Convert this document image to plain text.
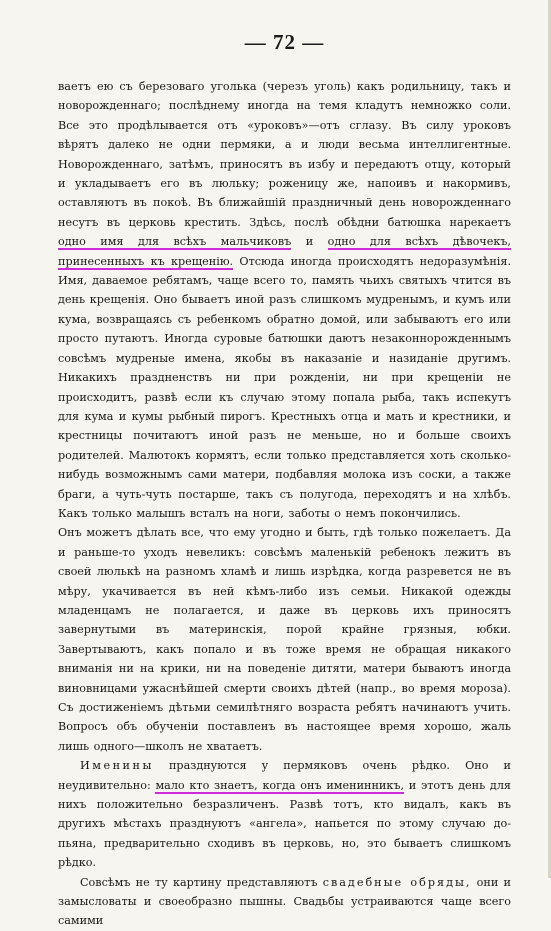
— 72 —

ваетъ ею съ березоваго уголька (черезъ уголь) какъ родильницу, такъ и новорожденнаго; послѣднему иногда на темя кладутъ немножко соли. Все это продѣлывается отъ «уроковъ»—отъ сглазу. Въ силу уроковъ вѣрятъ далеко не одни пермяки, а и люди весьма интеллигентные. Новорожденнаго, затѣмъ, приносятъ въ избу и передаютъ отцу, который и укладываетъ его въ люльку; роженицу же, напоивъ и накормивъ, оставляютъ въ покоѣ. Въ ближайшій праздничный день новорожденнаго несутъ въ церковь крестить. Здѣсь, послѣ обѣдни батюшка нарекаетъ одно имя для всѣхъ мальчиковъ и одно для всѣхъ дѣвочекъ, принесенныхъ къ крещенію. Отсюда иногда происходятъ недоразумѣнія. Имя, даваемое ребятамъ, чаще всего то, память чьихъ святыхъ чтится въ день крещенія. Оно бываетъ иной разъ слишкомъ мудренымъ, и кумъ или кума, возвращаясь съ ребенкомъ обратно домой, или забываютъ его или просто путаютъ. Иногда суровые батюшки даютъ незаконнорожденнымъ совсѣмъ мудреные имена, якобы въ наказаніе и назиданіе другимъ. Никакихъ праздненствъ ни при рожденіи, ни при крещеніи не происходитъ, развѣ если къ случаю этому попала рыба, такъ испекутъ для кума и кумы рыбный пирогъ. Крестныхъ отца и мать и крестники, и крестницы почитаютъ иной разъ не меньше, но и больше своихъ родителей. Малютокъ кормятъ, если только представляется хоть сколько-нибудь возможнымъ сами матери, подбавляя молока изъ соски, а также браги, а чуть-чуть постарше, такъ съ полугода, переходятъ и на хлѣбъ. Какъ только малышъ всталъ на ноги, заботы о немъ покончились.

Онъ можетъ дѣлать все, что ему угодно и быть, гдѣ только пожелаетъ. Да и раньше-то уходъ невеликъ: совсѣмъ маленькій ребенокъ лежитъ въ своей люлькѣ на разномъ хламѣ и лишь изрѣдка, когда разревется не въ мѣру, укачивается въ ней кѣмъ-либо изъ семьи. Никакой одежды младенцамъ не полагается, и даже въ церковь ихъ приносятъ завернутыми въ материнскія, порой крайне грязныя, юбки. Завертываютъ, какъ попало и въ тоже время не обращая никакого вниманія ни на крики, ни на поведеніе дитяти, матери бываютъ иногда виновницами ужаснѣйшей смерти своихъ дѣтей (напр., во время мороза). Съ достиженіемъ дѣтьми семилѣтняго возраста ребятъ начинаютъ учить. Вопросъ объ обученіи поставленъ въ настоящее время хорошо, жаль лишь одного—школъ не хватаетъ.

Именины празднуются у пермяковъ очень рѣдко. Оно и неудивительно: мало кто знаетъ, когда онъ именинникъ, и этотъ день для нихъ положительно безразличенъ. Развѣ тотъ, кто видалъ, какъ въ другихъ мѣстахъ празднуютъ «ангела», напьется по этому случаю до-пьяна, предварительно сходивъ въ церковь, но, это бываетъ слишкомъ рѣдко.

Совсѣмъ не ту картину представляютъ свадебные обряды, они и замысловаты и своеобразно пышны. Свадьбы устраиваются чаще всего самими
